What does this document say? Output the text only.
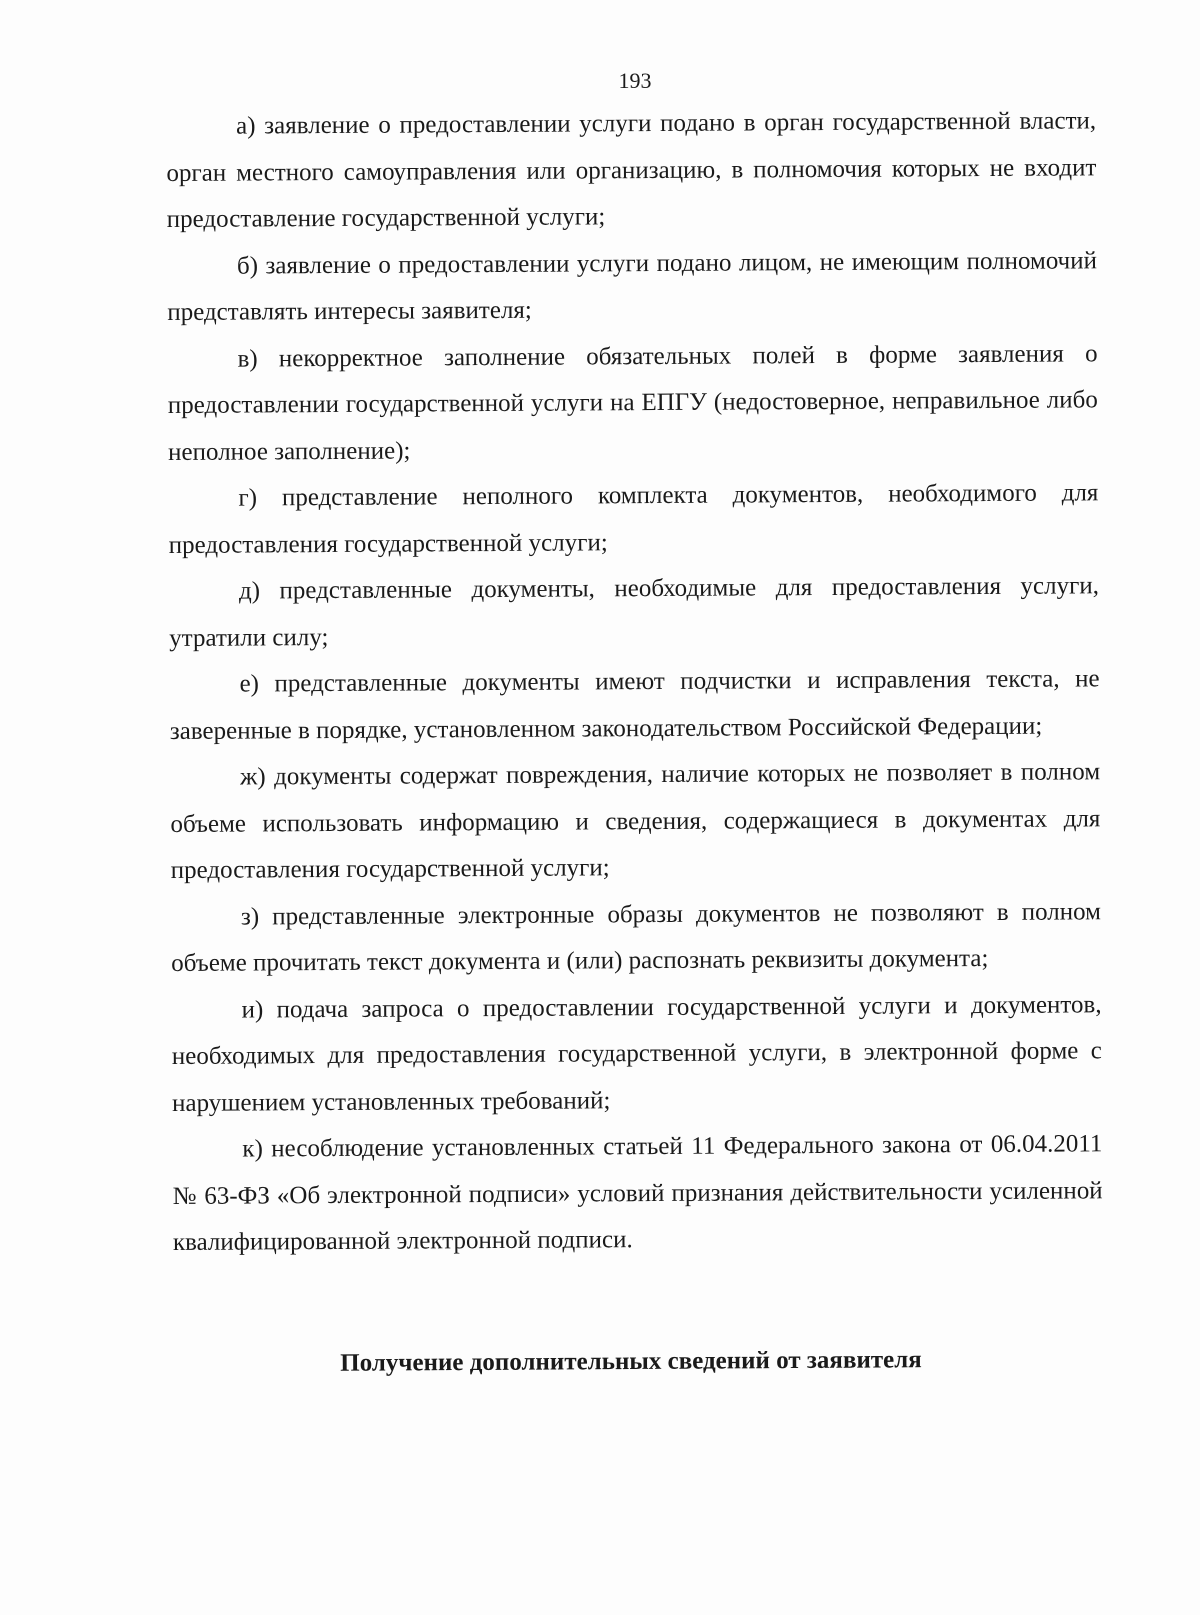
193

а) заявление о предоставлении услуги подано в орган государственной власти, орган местного самоуправления или организацию, в полномочия которых не входит предоставление государственной услуги;

б) заявление о предоставлении услуги подано лицом, не имеющим полномочий представлять интересы заявителя;

в) некорректное заполнение обязательных полей в форме заявления о предоставлении государственной услуги на ЕПГУ (недостоверное, неправильное либо неполное заполнение);

г) представление неполного комплекта документов, необходимого для предоставления государственной услуги;

д) представленные документы, необходимые для предоставления услуги, утратили силу;

е) представленные документы имеют подчистки и исправления текста, не заверенные в порядке, установленном законодательством Российской Федерации;

ж) документы содержат повреждения, наличие которых не позволяет в полном объеме использовать информацию и сведения, содержащиеся в документах для предоставления государственной услуги;

з) представленные электронные образы документов не позволяют в полном объеме прочитать текст документа и (или) распознать реквизиты документа;

и) подача запроса о предоставлении государственной услуги и документов, необходимых для предоставления государственной услуги, в электронной форме с нарушением установленных требований;

к) несоблюдение установленных статьей 11 Федерального закона от 06.04.2011 № 63-ФЗ «Об электронной подписи» условий признания действительности усиленной квалифицированной электронной подписи.

Получение дополнительных сведений от заявителя
